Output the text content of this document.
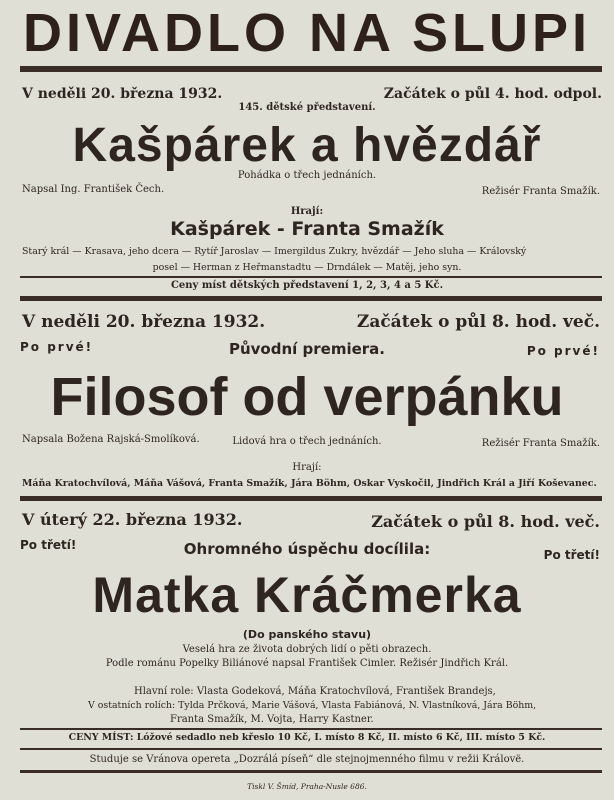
DIVADLO NA SLUPI
V neděli 20. března 1932.	Začátek o půl 4. hod. odpol.
145. dětské představení.
Kašpárek a hvězdář
Pohádka o třech jednáních.
Napsal Ing. František Čech.	Režisér Franta Smažík.
Hrají:
Kašpárek - Franta Smažík
Starý král — Krasava, jeho dcera — Rytíř Jaroslav — Imergildus Zukry, hvězdář — Jeho sluha — Královský
posel — Herman z Heřmanstadtu — Drndálek — Matěj, jeho syn.
Ceny míst dětských představení 1, 2, 3, 4 a 5 Kč.
V neděli 20. března 1932.	Začátek o půl 8. hod. več.
Po prvé!	Původní premiera.	Po prvé!
Filosof od verpánku
Napsala Božena Rajská-Smolíková.	Lidová hra o třech jednáních.	Režisér Franta Smažík.
Hrají:
Máňa Kratochvílová, Máňa Vášová, Franta Smažík, Jára Böhm, Oskar Vyskočil, Jindřich Král a Jiří Koševanec.
V úterý 22. března 1932.	Začátek o půl 8. hod. več.
Po třetí!	Ohromného úspěchu docílila:	Po třetí!
Matka Kráčmerka
(Do panského stavu)
Veselá hra ze života dobrých lidí o pěti obrazech.
Podle románu Popelky Biliánové napsal František Cimler. Režisér Jindřich Král.
Hlavní role: Vlasta Godeková, Máňa Kratochvílová, František Brandejs,
V ostatních rolích: Tylda Prčková, Marie Vášová, Vlasta Fabiánová, N. Vlastníková, Jára Böhm,
Franta Smažík, M. Vojta, Harry Kastner.
CENY MÍST: Lóžové sedadlo neb křeslo 10 Kč, I. místo 8 Kč, II. místo 6 Kč, III. místo 5 Kč.
Studuje se Vránova opereta „Dozrálá píseň“ dle stejnojmenného filmu v režii Královë.
Tiskl V. Šmíd, Praha-Nusle 686.
